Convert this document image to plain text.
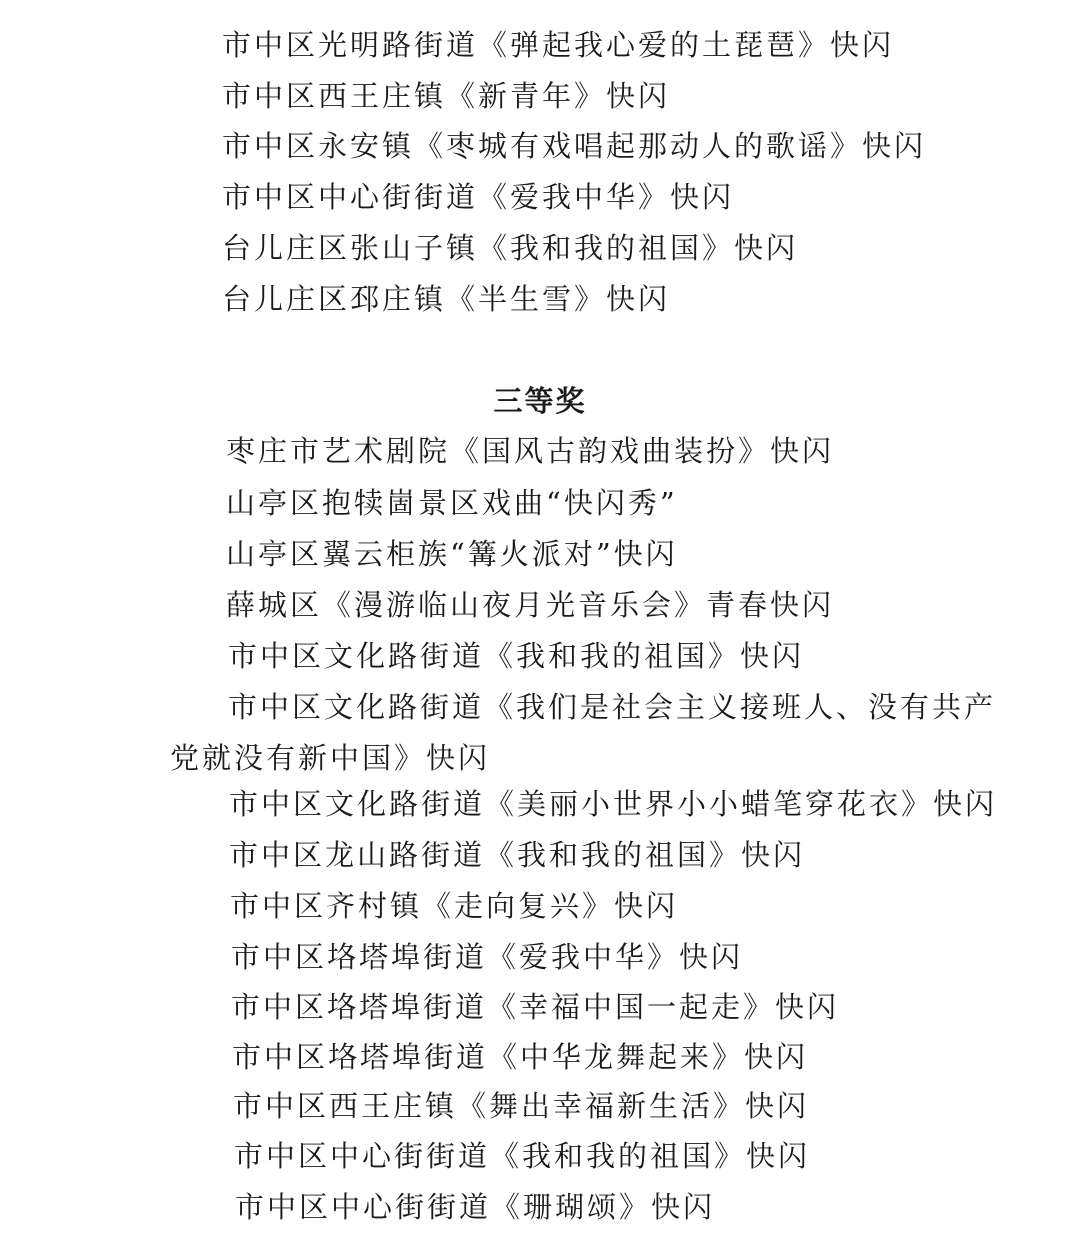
市中区光明路街道《弹起我心爱的土琵琶》快闪
市中区西王庄镇《新青年》快闪
市中区永安镇《枣城有戏唱起那动人的歌谣》快闪
市中区中心街街道《爱我中华》快闪
台儿庄区张山子镇《我和我的祖国》快闪
台儿庄区邳庄镇《半生雪》快闪
三等奖
枣庄市艺术剧院《国风古韵戏曲装扮》快闪
山亭区抱犊崮景区戏曲“快闪秀”
山亭区翼云柜族“篝火派对”快闪
薛城区《漫游临山夜月光音乐会》青春快闪
市中区文化路街道《我和我的祖国》快闪
市中区文化路街道《我们是社会主义接班人、没有共产
党就没有新中国》快闪
市中区文化路街道《美丽小世界小小蜡笔穿花衣》快闪
市中区龙山路街道《我和我的祖国》快闪
市中区齐村镇《走向复兴》快闪
市中区垎塔埠街道《爱我中华》快闪
市中区垎塔埠街道《幸福中国一起走》快闪
市中区垎塔埠街道《中华龙舞起来》快闪
市中区西王庄镇《舞出幸福新生活》快闪
市中区中心街街道《我和我的祖国》快闪
市中区中心街街道《珊瑚颂》快闪
